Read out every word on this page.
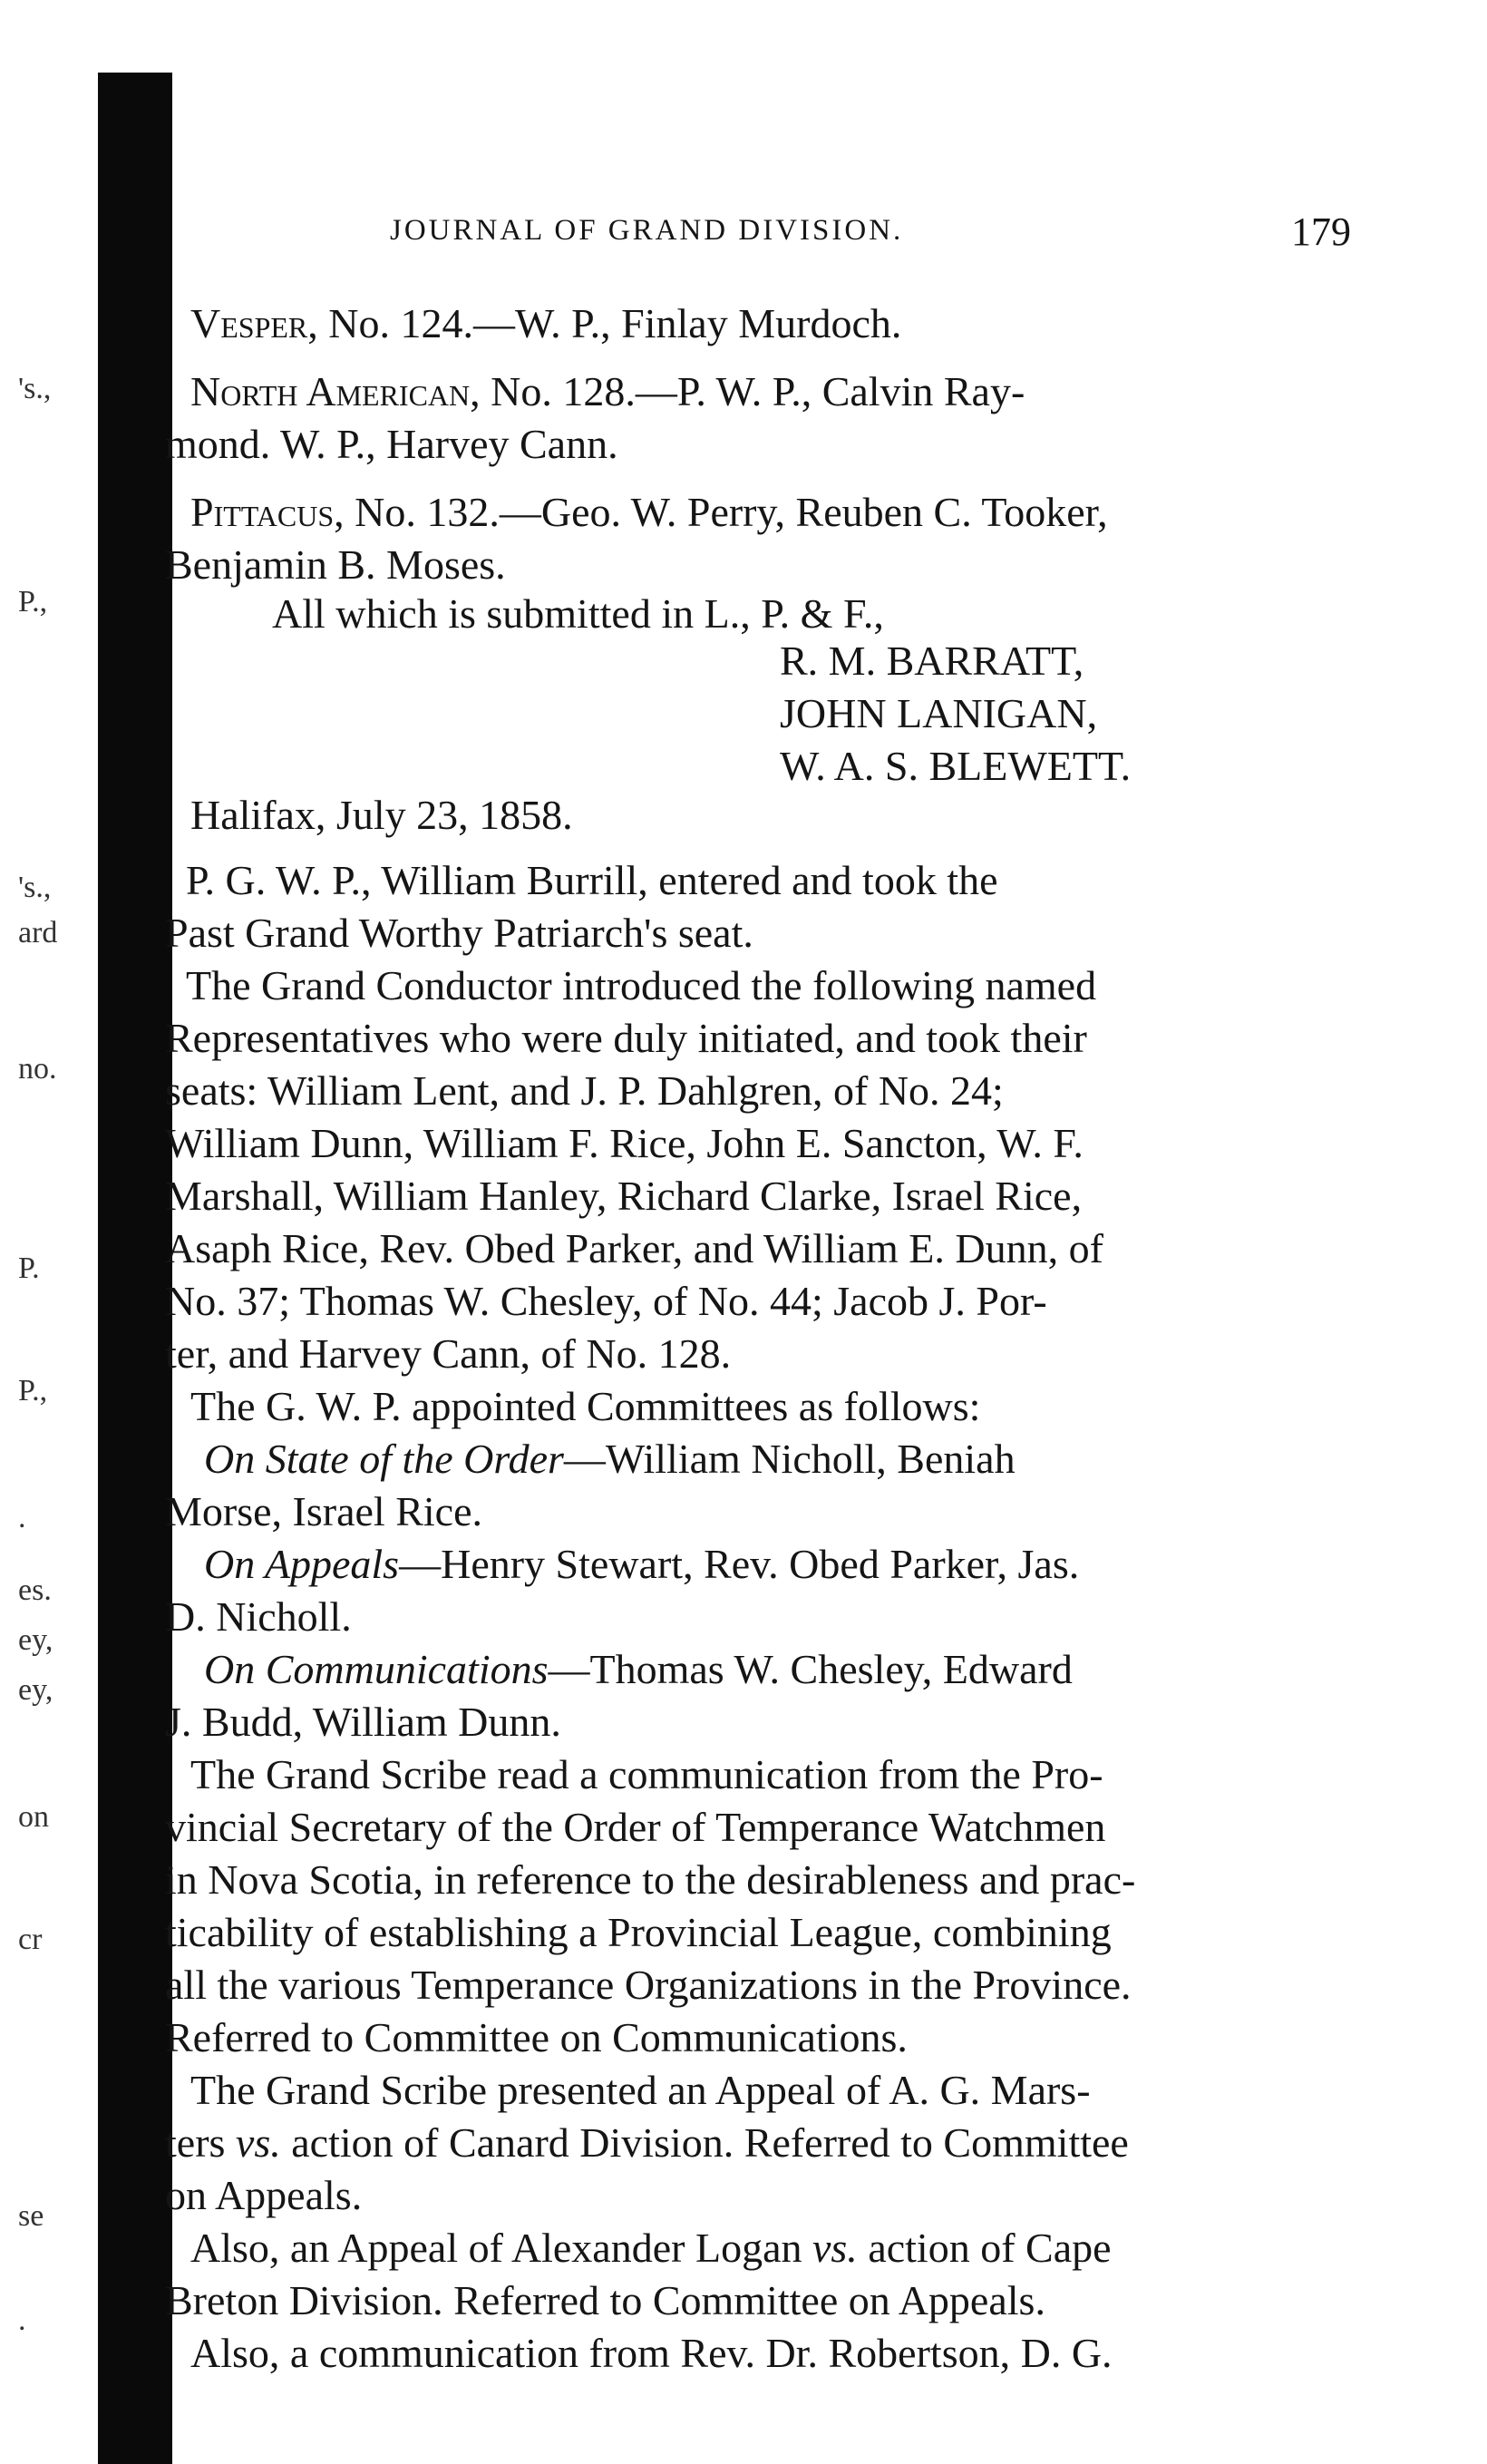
's.,
P.,
's.,
ard
no.
P.
P.,
.
es.
ey,
ey,
on
cr
se
.
JOURNAL OF GRAND DIVISION.	179
Vesper, No. 124.—W. P., Finlay Murdoch.
North American, No. 128.—P. W. P., Calvin Ray-
mond. W. P., Harvey Cann.
Pittacus, No. 132.—Geo. W. Perry, Reuben C. Tooker,
Benjamin B. Moses.
All which is submitted in L., P. & F.,
R. M. BARRATT,
JOHN LANIGAN,
W. A. S. BLEWETT.
Halifax, July 23, 1858.
P. G. W. P., William Burrill, entered and took the
Past Grand Worthy Patriarch's seat.
The Grand Conductor introduced the following named
Representatives who were duly initiated, and took their
seats: William Lent, and J. P. Dahlgren, of No. 24;
William Dunn, William F. Rice, John E. Sancton, W. F.
Marshall, William Hanley, Richard Clarke, Israel Rice,
Asaph Rice, Rev. Obed Parker, and William E. Dunn, of
No. 37; Thomas W. Chesley, of No. 44; Jacob J. Por-
ter, and Harvey Cann, of No. 128.
The G. W. P. appointed Committees as follows:
On State of the Order—William Nicholl, Beniah
Morse, Israel Rice.
On Appeals—Henry Stewart, Rev. Obed Parker, Jas.
D. Nicholl.
On Communications—Thomas W. Chesley, Edward
J. Budd, William Dunn.
The Grand Scribe read a communication from the Pro-
vincial Secretary of the Order of Temperance Watchmen
in Nova Scotia, in reference to the desirableness and prac-
ticability of establishing a Provincial League, combining
all the various Temperance Organizations in the Province.
Referred to Committee on Communications.
The Grand Scribe presented an Appeal of A. G. Mars-
ters vs. action of Canard Division. Referred to Committee
on Appeals.
Also, an Appeal of Alexander Logan vs. action of Cape
Breton Division. Referred to Committee on Appeals.
Also, a communication from Rev. Dr. Robertson, D. G.
